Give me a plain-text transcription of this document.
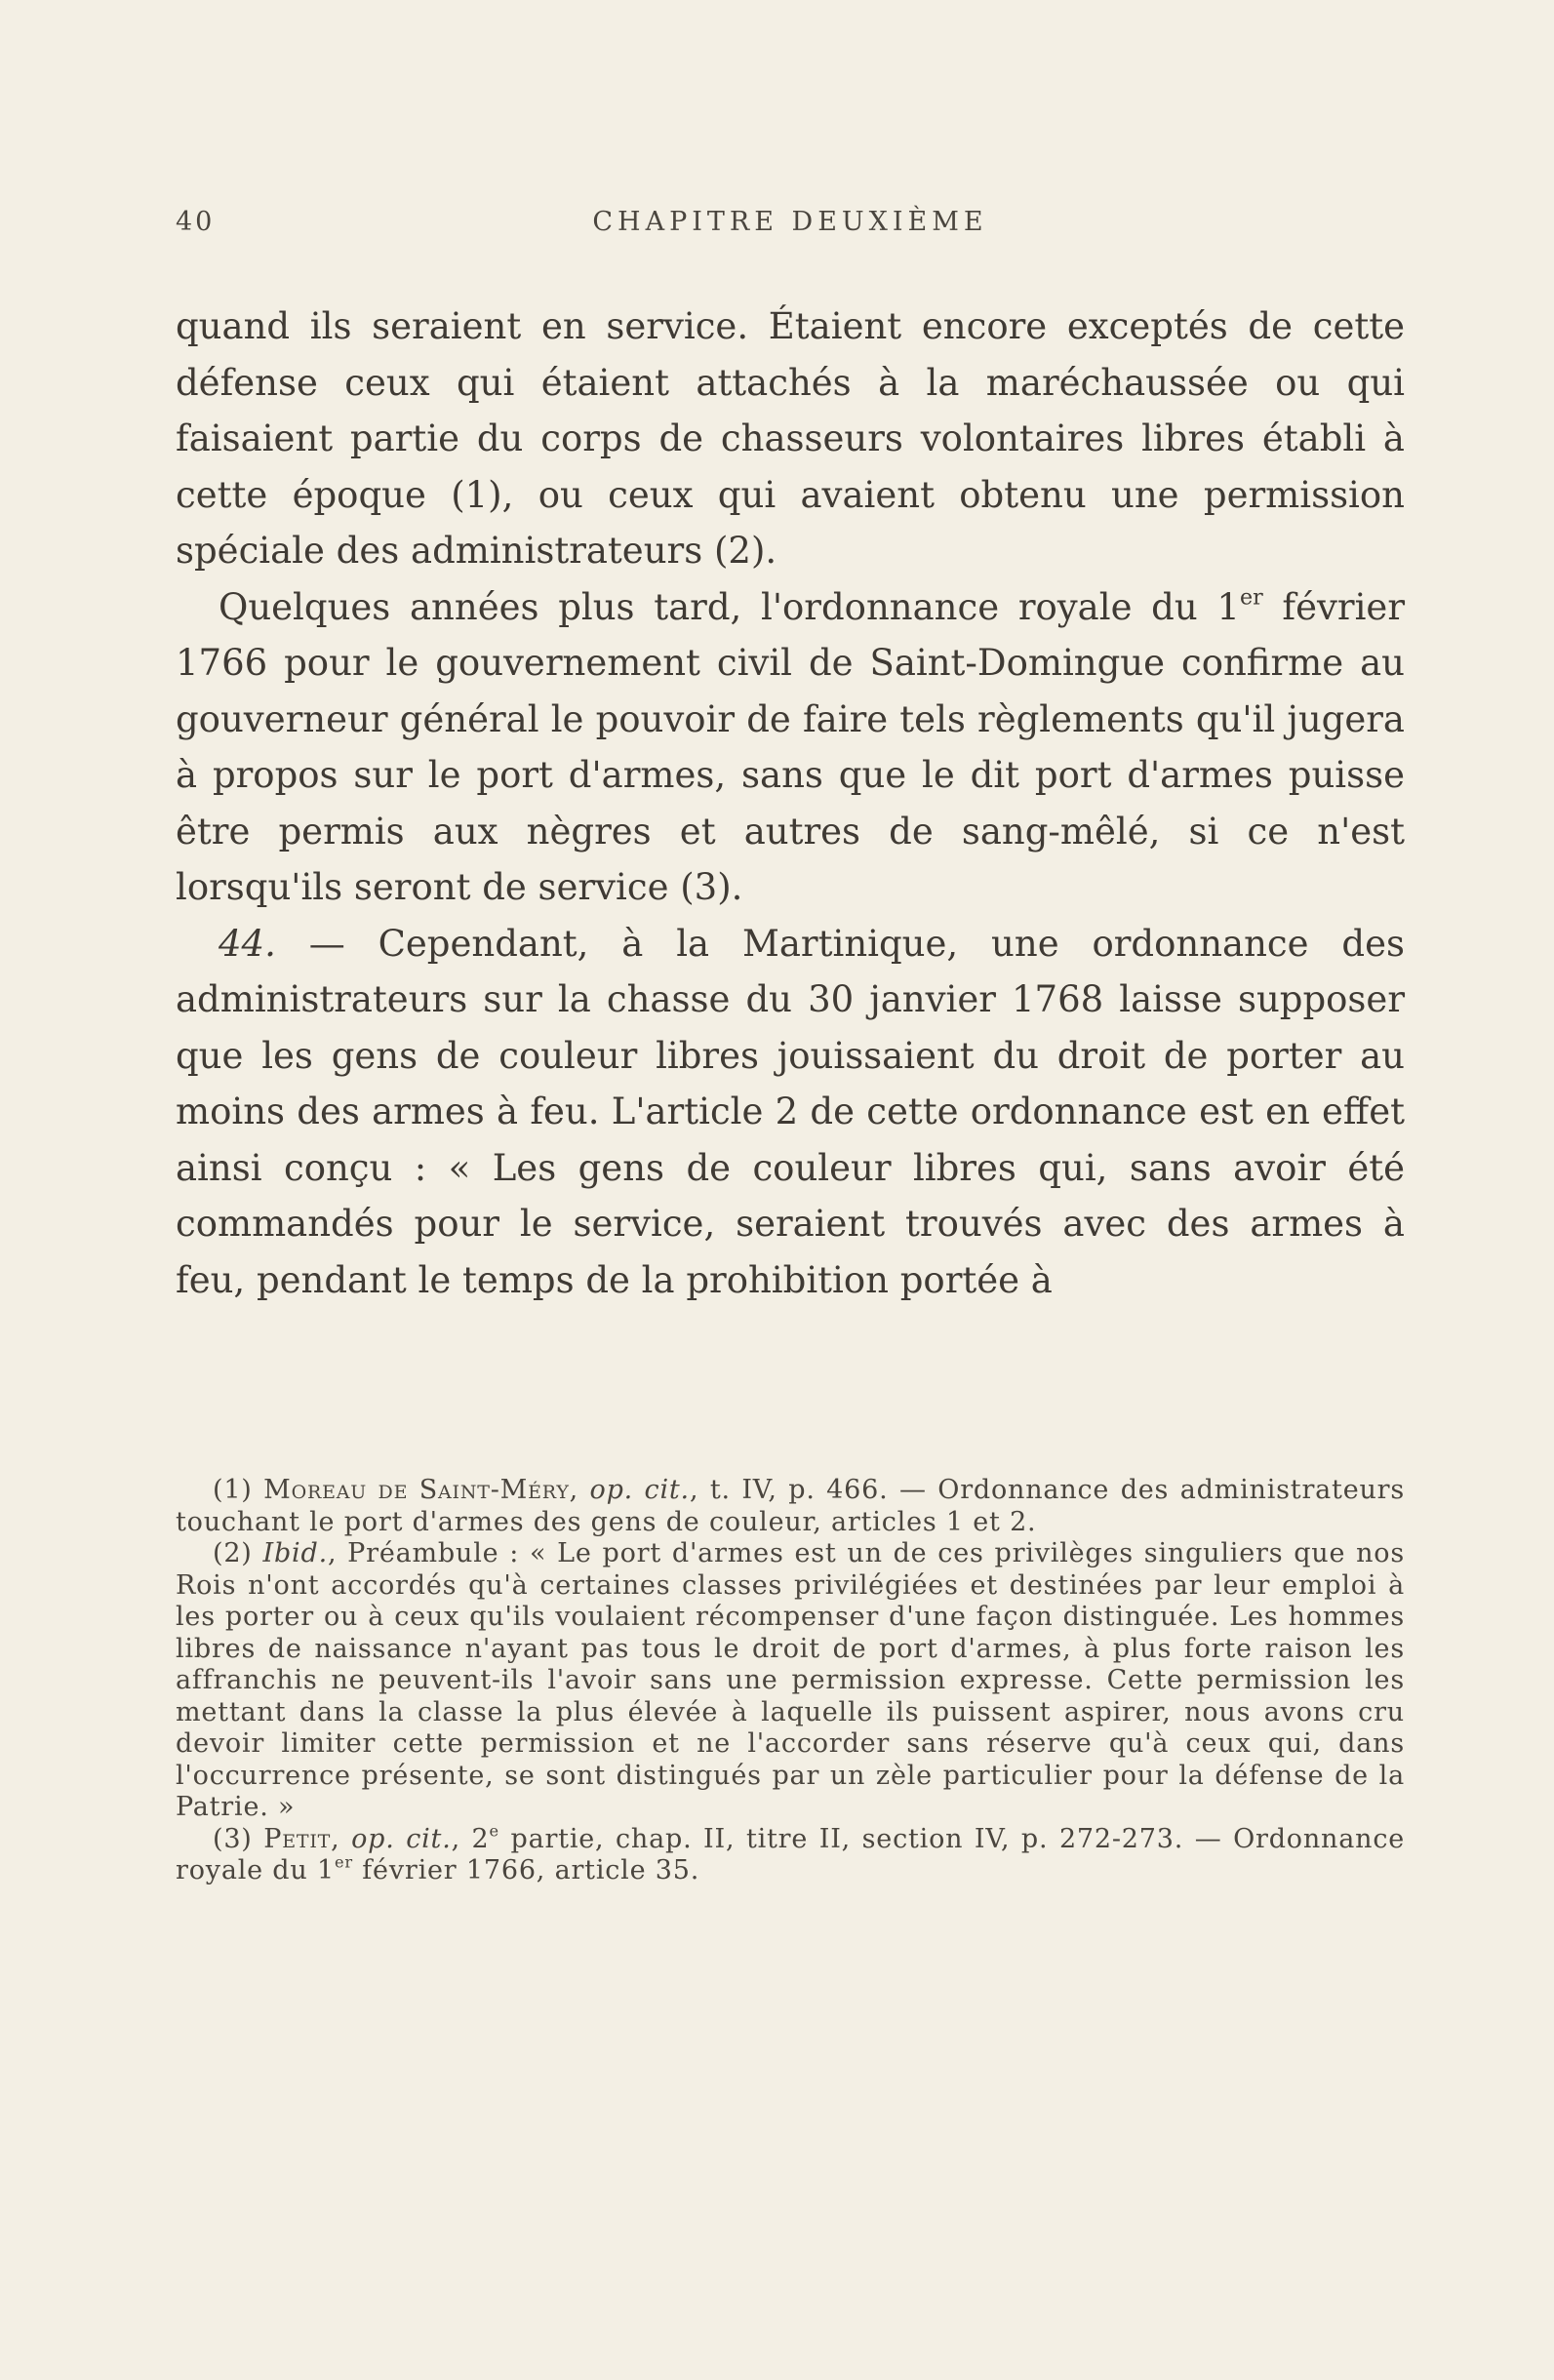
40	CHAPITRE DEUXIÈME

quand ils seraient en service. Étaient encore exceptés de cette défense ceux qui étaient attachés à la maréchaussée ou qui faisaient partie du corps de chasseurs volontaires libres établi à cette époque (1), ou ceux qui avaient obtenu une permission spéciale des administrateurs (2).

Quelques années plus tard, l'ordonnance royale du 1er février 1766 pour le gouvernement civil de Saint-Domingue confirme au gouverneur général le pouvoir de faire tels règlements qu'il jugera à propos sur le port d'armes, sans que le dit port d'armes puisse être permis aux nègres et autres de sang-mêlé, si ce n'est lorsqu'ils seront de service (3).

44. — Cependant, à la Martinique, une ordonnance des administrateurs sur la chasse du 30 janvier 1768 laisse supposer que les gens de couleur libres jouissaient du droit de porter au moins des armes à feu. L'article 2 de cette ordonnance est en effet ainsi conçu : « Les gens de couleur libres qui, sans avoir été commandés pour le service, seraient trouvés avec des armes à feu, pendant le temps de la prohibition portée à

(1) Moreau de Saint-Méry, op. cit., t. IV, p. 466. — Ordonnance des administrateurs touchant le port d'armes des gens de couleur, articles 1 et 2.

(2) Ibid., Préambule : « Le port d'armes est un de ces privilèges singuliers que nos Rois n'ont accordés qu'à certaines classes privilégiées et destinées par leur emploi à les porter ou à ceux qu'ils voulaient récompenser d'une façon distinguée. Les hommes libres de naissance n'ayant pas tous le droit de port d'armes, à plus forte raison les affranchis ne peuvent-ils l'avoir sans une permission expresse. Cette permission les mettant dans la classe la plus élevée à laquelle ils puissent aspirer, nous avons cru devoir limiter cette permission et ne l'accorder sans réserve qu'à ceux qui, dans l'occurrence présente, se sont distingués par un zèle particulier pour la défense de la Patrie. »

(3) Petit, op. cit., 2e partie, chap. II, titre II, section IV, p. 272-273. — Ordonnance royale du 1er février 1766, article 35.
